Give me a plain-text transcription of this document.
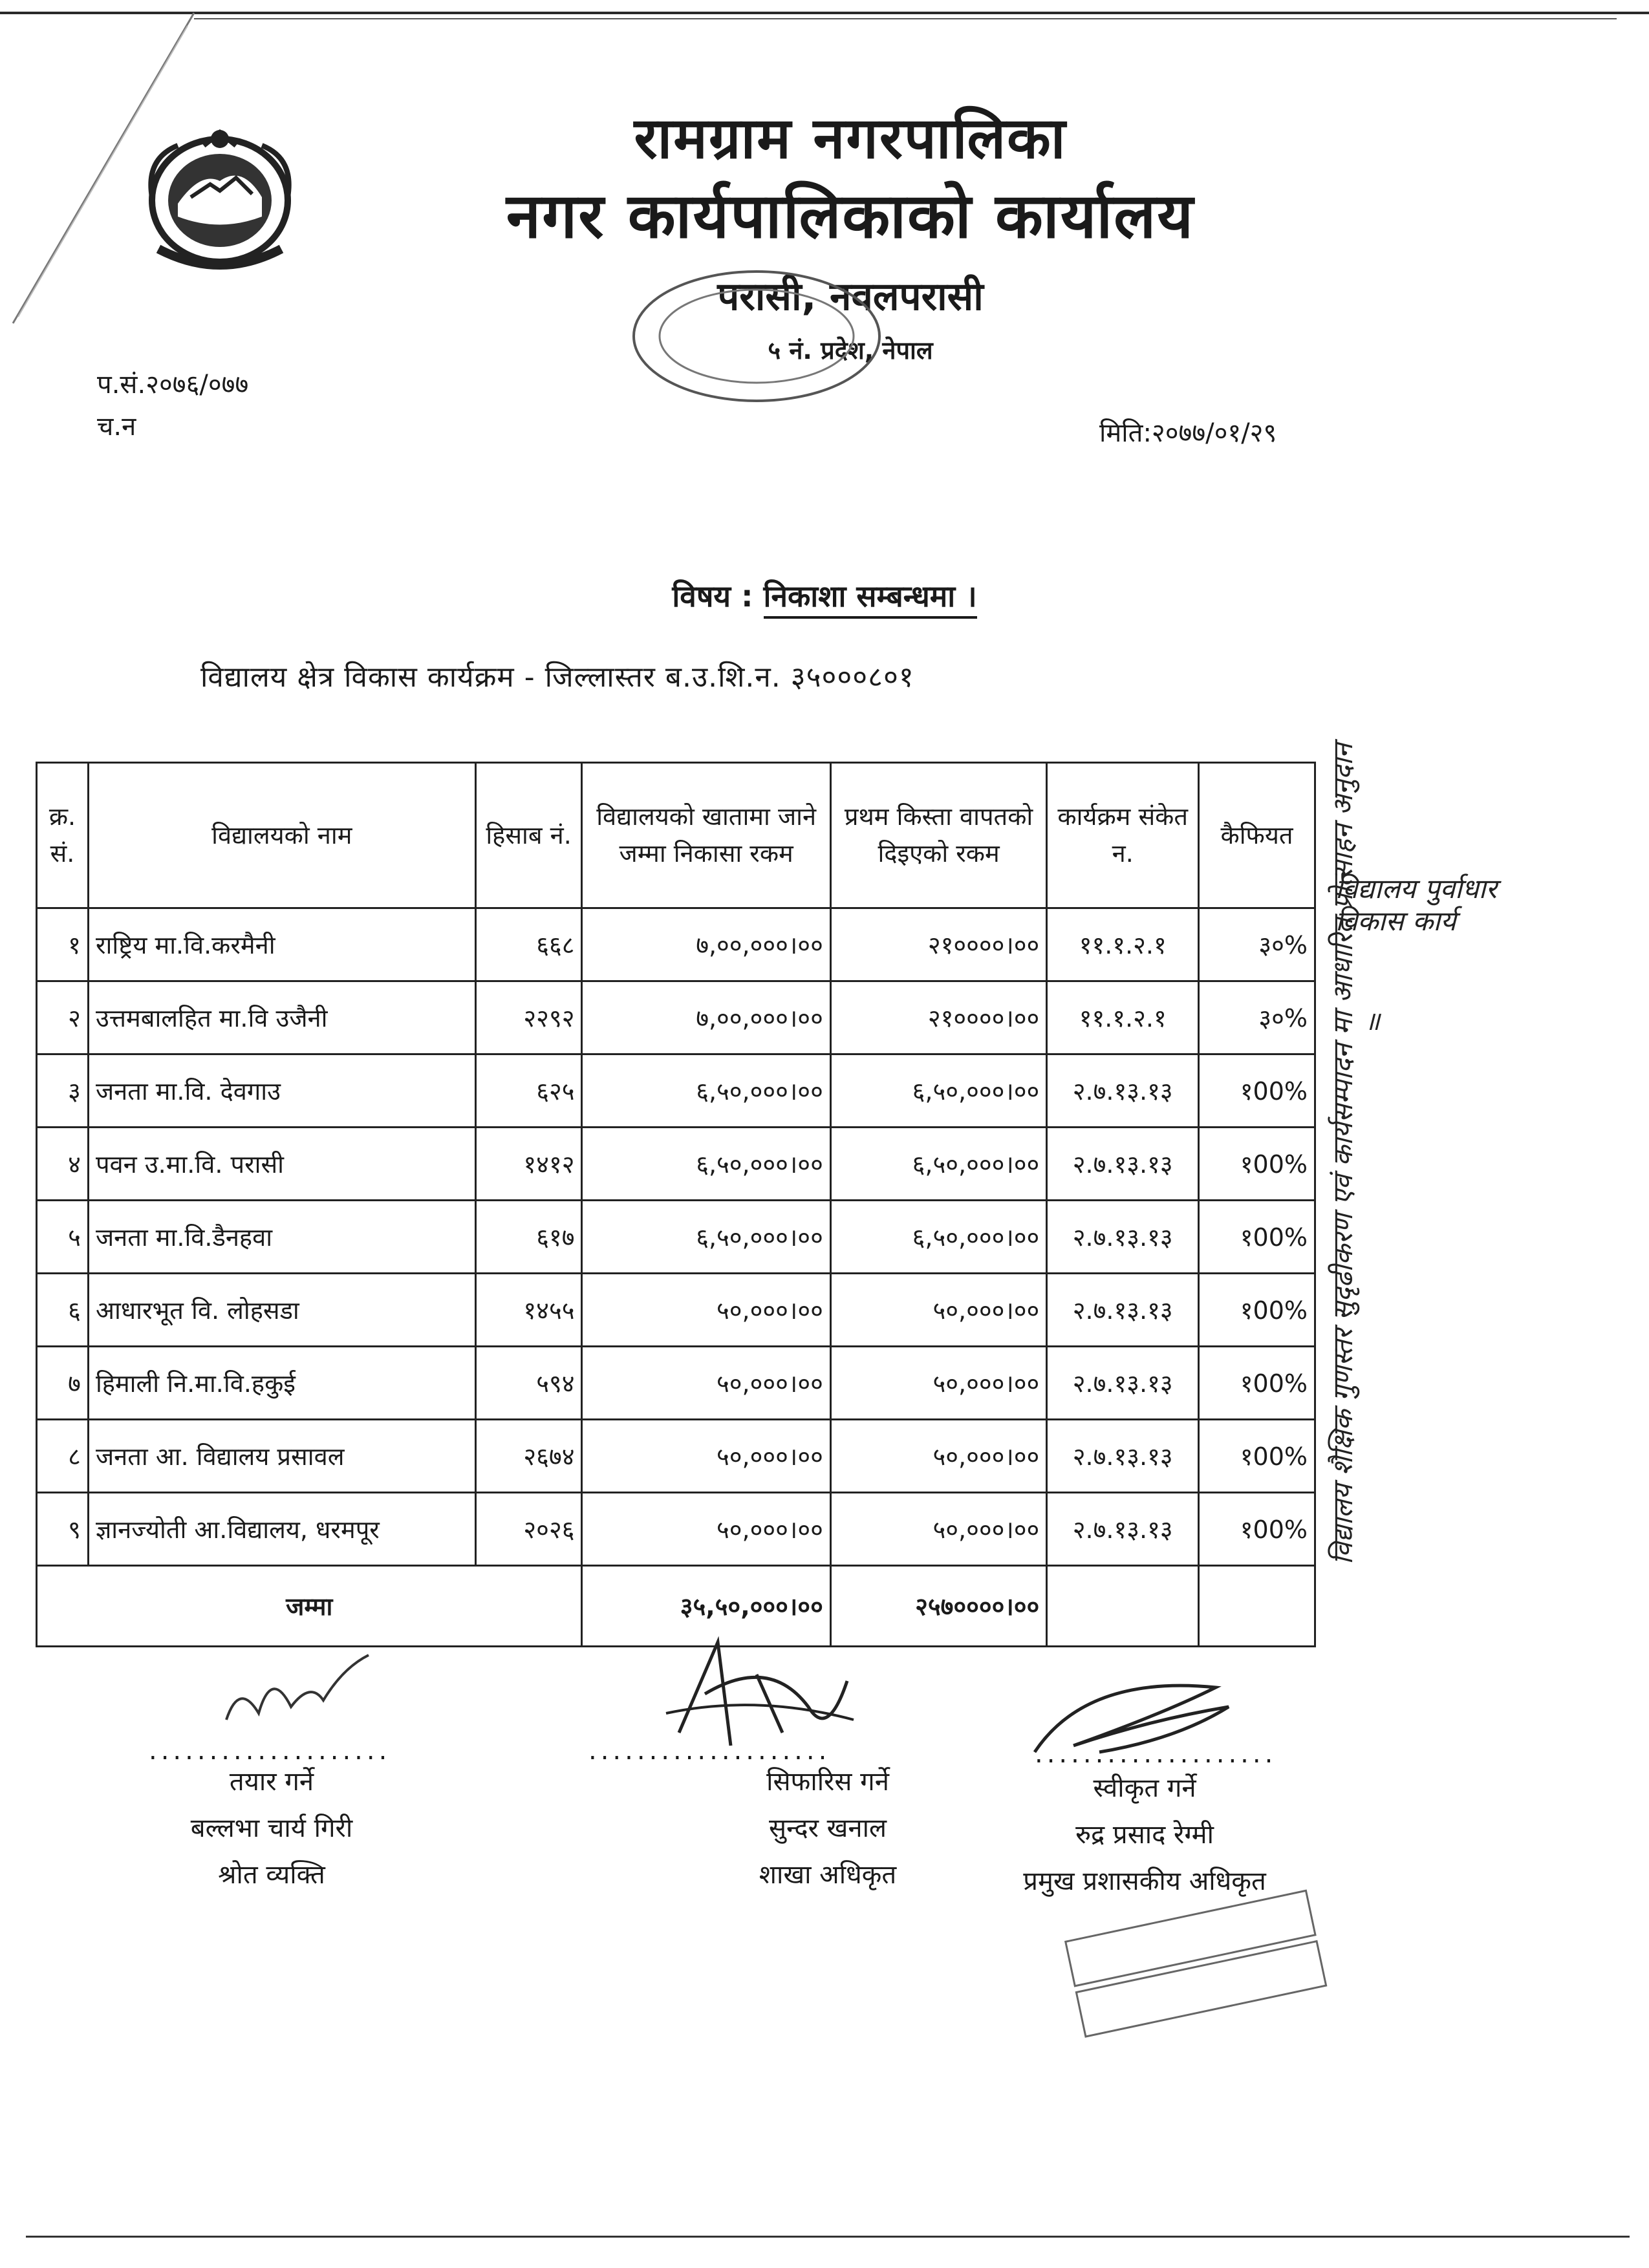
रामग्राम नगरपालिका
नगर कार्यपालिकाको कार्यालय
परासी, नवलपरासी
५ नं. प्रदेश, नेपाल
प.सं.२०७६/०७७
च.न	मिति:२०७७/०१/२९
विषय : निकाशा सम्बन्धमा ।
विद्यालय क्षेत्र विकास कार्यक्रम - जिल्लास्तर ब.उ.शि.न. ३५०००८०१
क्र. सं.	विद्यालयको नाम	हिसाब नं.	विद्यालयको खातामा जाने जम्मा निकासा रकम	प्रथम किस्ता वापतको दिइएको रकम	कार्यक्रम संकेत न.	कैफियत
१	राष्ट्रिय मा.वि.करमैनी	६६८	७,००,०००।००	२१००००।००	११.१.२.१	३०%
२	उत्तमबालहित मा.वि उजैनी	२२९२	७,००,०००।००	२१००००।००	११.१.२.१	३०%
३	जनता मा.वि. देवगाउ	६२५	६,५०,०००।००	६,५०,०००।००	२.७.१३.१३	१00%
४	पवन उ.मा.वि. परासी	१४१२	६,५०,०००।००	६,५०,०००।००	२.७.१३.१३	१00%
५	जनता मा.वि.डैनहवा	६१७	६,५०,०००।००	६,५०,०००।००	२.७.१३.१३	१00%
६	आधारभूत वि. लोहसडा	१४५५	५०,०००।००	५०,०००।००	२.७.१३.१३	१00%
७	हिमाली नि.मा.वि.हकुई	५९४	५०,०००।००	५०,०००।००	२.७.१३.१३	१00%
८	जनता आ. विद्यालय प्रसावल	२६७४	५०,०००।००	५०,०००।००	२.७.१३.१३	१00%
९	ज्ञानज्योती आ.विद्यालय, धरमपूर	२०२६	५०,०००।००	५०,०००।००	२.७.१३.१३	१00%
जम्मा			३५,५०,०००।००	२५७००००।००		
विद्यालय पुर्वाधार विकास कार्य
॥
विद्यालय शैक्षिक गुणस्तर सुदृढीकरण एवं कार्यसम्पादन मा आधारित प्रोत्साहन अनुदान
....................	....................	....................
तयार गर्ने
बल्लभा चार्य गिरी
श्रोत व्यक्ति
सिफारिस गर्ने
सुन्दर खनाल
शाखा अधिकृत
स्वीकृत गर्ने
रुद्र प्रसाद रेग्मी
प्रमुख प्रशासकीय अधिकृत
